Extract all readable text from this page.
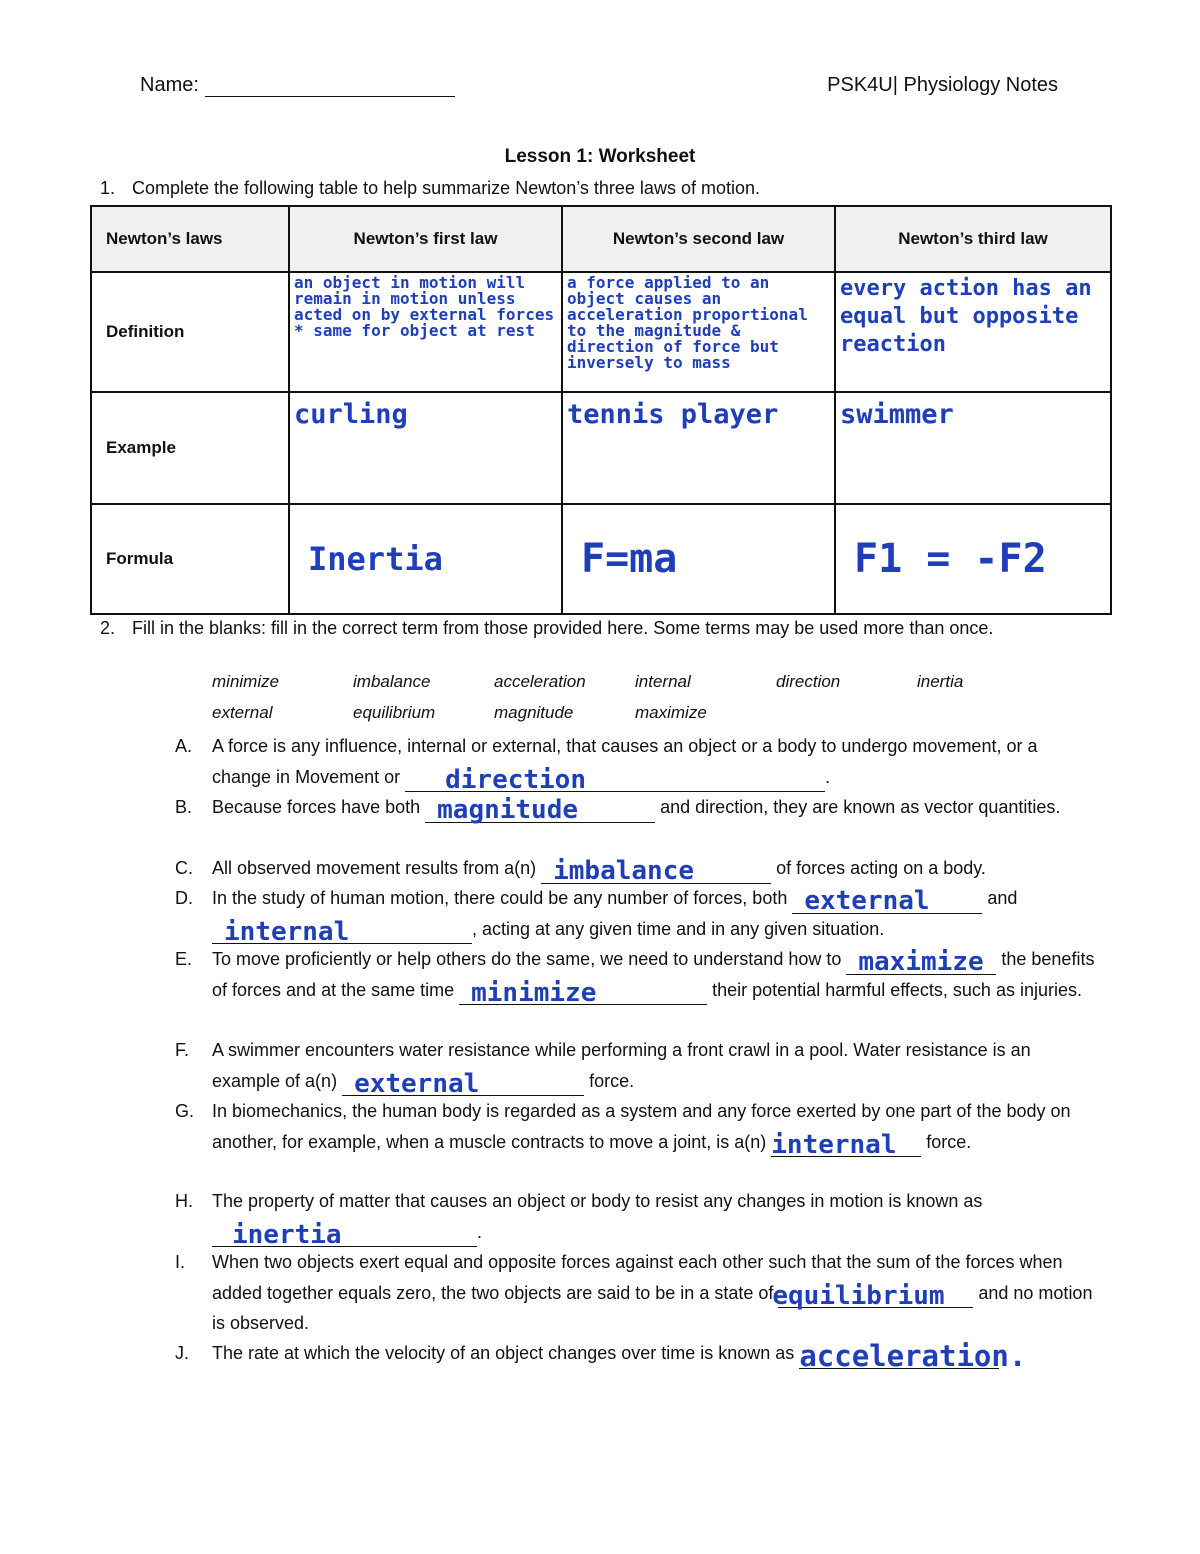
Name:	PSK4U| Physiology Notes
Lesson 1: Worksheet
1. Complete the following table to help summarize Newton’s three laws of motion.
Newton’s laws	Newton’s first law	Newton’s second law	Newton’s third law
Definition	an object in motion will remain in motion unless acted on by external forces * same for object at rest	a force applied to an object causes an acceleration proportional to the magnitude & direction of force but inversely to mass	every action has an equal but opposite reaction

Example	curling	tennis player	swimmer

Formula	Inertia	F=ma	F1 = -F2
2. Fill in the blanks: fill in the correct term from those provided here. Some terms may be used more than once.
minimize	imbalance	acceleration	internal	direction	inertia
external	equilibrium	magnitude	maximize
A. A force is any influence, internal or external, that causes an object or a body to undergo movement, or a change in Movement or direction	.
B. Because forces have both magnitude	and direction, they are known as vector quantities.
C. All observed movement results from a(n) imbalance	of forces acting on a body.
D. In the study of human motion, there could be any number of forces, both external	and
internal	, acting at any given time and in any given situation.
E. To move proficiently or help others do the same, we need to understand how to maximize the benefits of forces and at the same time minimize	their potential harmful effects, such as injuries.
F. A swimmer encounters water resistance while performing a front crawl in a pool. Water resistance is an example of a(n) external	force.
G. In biomechanics, the human body is regarded as a system and any force exerted by one part of the body on another, for example, when a muscle contracts to move a joint, is a(n) internal force.
H. The property of matter that causes an object or body to resist any changes in motion is known as
inertia	.
I. When two objects exert equal and opposite forces against each other such that the sum of the forces when added together equals zero, the two objects are said to be in a state of
equilibrium and no motion is observed.
J. The rate at which the velocity of an object changes over time is known as acceleration.
